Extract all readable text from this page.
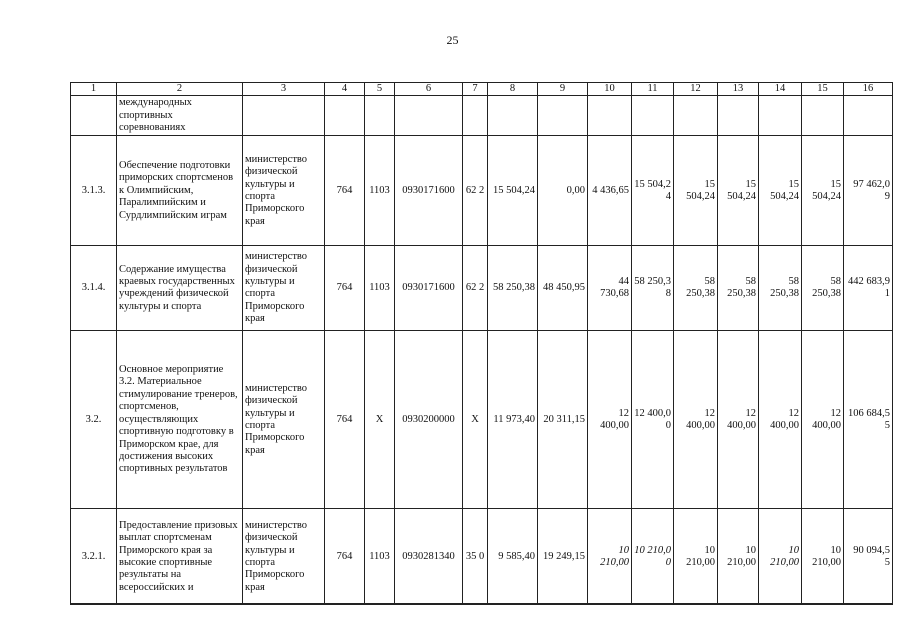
25
1	2	3	4	5	6	7	8	9	10	11	12	13	14	15	16
	международных спортивных соревнованиях														
3.1.3.	Обеспечение подготовки приморских спортсменов к Олимпийским, Паралимпийским и Сурдлимпийским играм	министерство физической культуры и спорта Приморского края	764	1103	0930171600	62 2	15 504,24	0,00	4 436,65	15 504,2 4	15 504,24	15 504,24	15 504,24	15 504,24	97 462,0 9
3.1.4.	Содержание имущества краевых государственных учреждений физической культуры и спорта	министерство физической культуры и спорта Приморского края	764	1103	0930171600	62 2	58 250,38	48 450,95	44 730,68	58 250,3 8	58 250,38	58 250,38	58 250,38	58 250,38	442 683,9 1
3.2.	Основное мероприятие 3.2. Материальное стимулирование тренеров, спортсменов, осуществляющих спортивную подготовку в Приморском крае, для достижения высоких спортивных результатов	министерство физической культуры и спорта Приморского края	764	X	0930200000	X	11 973,40	20 311,15	12 400,00	12 400,0 0	12 400,00	12 400,00	12 400,00	12 400,00	106 684,5 5
3.2.1.	Предоставление призовых выплат спортсменам Приморского края за высокие спортивные результаты на всероссийских и	министерство физической культуры и спорта Приморского края	764	1103	0930281340	35 0	9 585,40	19 249,15	10 210,00	10 210,0 0	10 210,00	10 210,00	10 210,00	10 210,00	90 094,5 5
